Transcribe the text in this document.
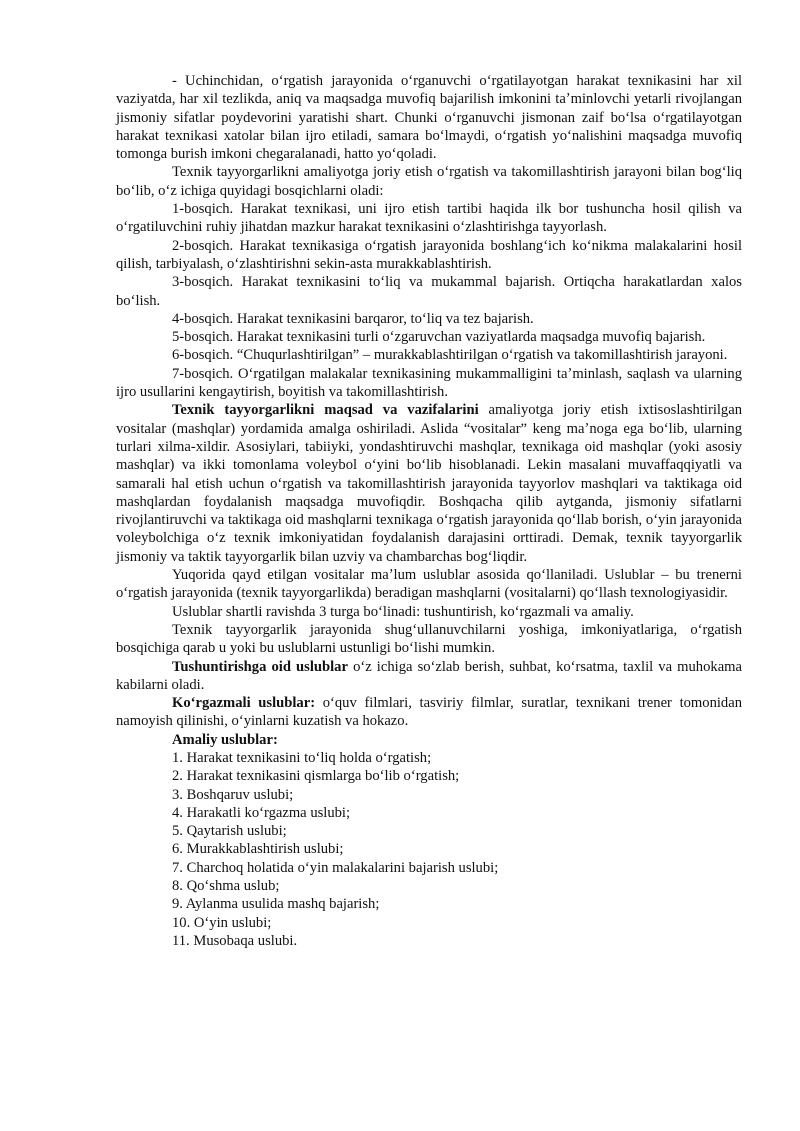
- Uchinchidan, oʻrgatish jarayonida oʻrganuvchi oʻrgatilayotgan harakat texnikasini har xil vaziyatda, har xil tezlikda, aniq va maqsadga muvofiq bajarilish imkonini taʼminlovchi yetarli rivojlangan jismoniy sifatlar poydevorini yaratishi shart. Chunki oʻrganuvchi jismonan zaif boʻlsa oʻrgatilayotgan harakat texnikasi xatolar bilan ijro etiladi, samara boʻlmaydi, oʻrgatish yoʻnalishini maqsadga muvofiq tomonga burish imkoni chegaralanadi, hatto yoʻqoladi.

Texnik tayyorgarlikni amaliyotga joriy etish oʻrgatish va takomillashtirish jarayoni bilan bogʻliq boʻlib, oʻz ichiga quyidagi bosqichlarni oladi:

1-bosqich. Harakat texnikasi, uni ijro etish tartibi haqida ilk bor tushuncha hosil qilish va oʻrgatiluvchini ruhiy jihatdan mazkur harakat texnikasini oʻzlashtirishga tayyorlash.

2-bosqich. Harakat texnikasiga oʻrgatish jarayonida boshlangʻich koʻnikma malakalarini hosil qilish, tarbiyalash, oʻzlashtirishni sekin-asta murakkablashtirish.

3-bosqich. Harakat texnikasini toʻliq va mukammal bajarish. Ortiqcha harakatlardan xalos boʻlish.

4-bosqich. Harakat texnikasini barqaror, toʻliq va tez bajarish.

5-bosqich. Harakat texnikasini turli oʻzgaruvchan vaziyatlarda maqsadga muvofiq bajarish.

6-bosqich. “Chuqurlashtirilgan” – murakkablashtirilgan oʻrgatish va takomillashtirish jarayoni.

7-bosqich. Oʻrgatilgan malakalar texnikasining mukammalligini taʼminlash, saqlash va ularning ijro usullarini kengaytirish, boyitish va takomillashtirish.

Texnik tayyorgarlikni maqsad va vazifalarini amaliyotga joriy etish ixtisoslashtirilgan vositalar (mashqlar) yordamida amalga oshiriladi. Aslida “vositalar” keng maʼnoga ega boʻlib, ularning turlari xilma-xildir. Asosiylari, tabiiyki, yondashtiruvchi mashqlar, texnikaga oid mashqlar (yoki asosiy mashqlar) va ikki tomonlama voleybol oʻyini boʻlib hisoblanadi. Lekin masalani muvaffaqqiyatli va samarali hal etish uchun oʻrgatish va takomillashtirish jarayonida tayyorlov mashqlari va taktikaga oid mashqlardan foydalanish maqsadga muvofiqdir. Boshqacha qilib aytganda, jismoniy sifatlarni rivojlantiruvchi va taktikaga oid mashqlarni texnikaga oʻrgatish jarayonida qoʻllab borish, oʻyin jarayonida voleybolchiga oʻz texnik imkoniyatidan foydalanish darajasini orttiradi. Demak, texnik tayyorgarlik jismoniy va taktik tayyorgarlik bilan uzviy va chambarchas bogʻliqdir.

Yuqorida qayd etilgan vositalar maʼlum uslublar asosida qoʻllaniladi. Uslublar – bu trenerni oʻrgatish jarayonida (texnik tayyorgarlikda) beradigan mashqlarni (vositalarni) qoʻllash texnologiyasidir.

Uslublar shartli ravishda 3 turga boʻlinadi: tushuntirish, koʻrgazmali va amaliy.

Texnik tayyorgarlik jarayonida shugʻullanuvchilarni yoshiga, imkoniyatlariga, oʻrgatish bosqichiga qarab u yoki bu uslublarni ustunligi boʻlishi mumkin.

Tushuntirishga oid uslublar oʻz ichiga soʻzlab berish, suhbat, koʻrsatma, taxlil va muhokama kabilarni oladi.

Koʻrgazmali uslublar: oʻquv filmlari, tasviriy filmlar, suratlar, texnikani trener tomonidan namoyish qilinishi, oʻyinlarni kuzatish va hokazo.

Amaliy uslublar:

1. Harakat texnikasini toʻliq holda oʻrgatish;
2. Harakat texnikasini qismlarga boʻlib oʻrgatish;
3. Boshqaruv uslubi;
4. Harakatli koʻrgazma uslubi;
5. Qaytarish uslubi;
6. Murakkablashtirish uslubi;
7. Charchoq holatida oʻyin malakalarini bajarish uslubi;
8. Qoʻshma uslub;
9. Aylanma usulida mashq bajarish;
10. Oʻyin uslubi;
11. Musobaqa uslubi.
